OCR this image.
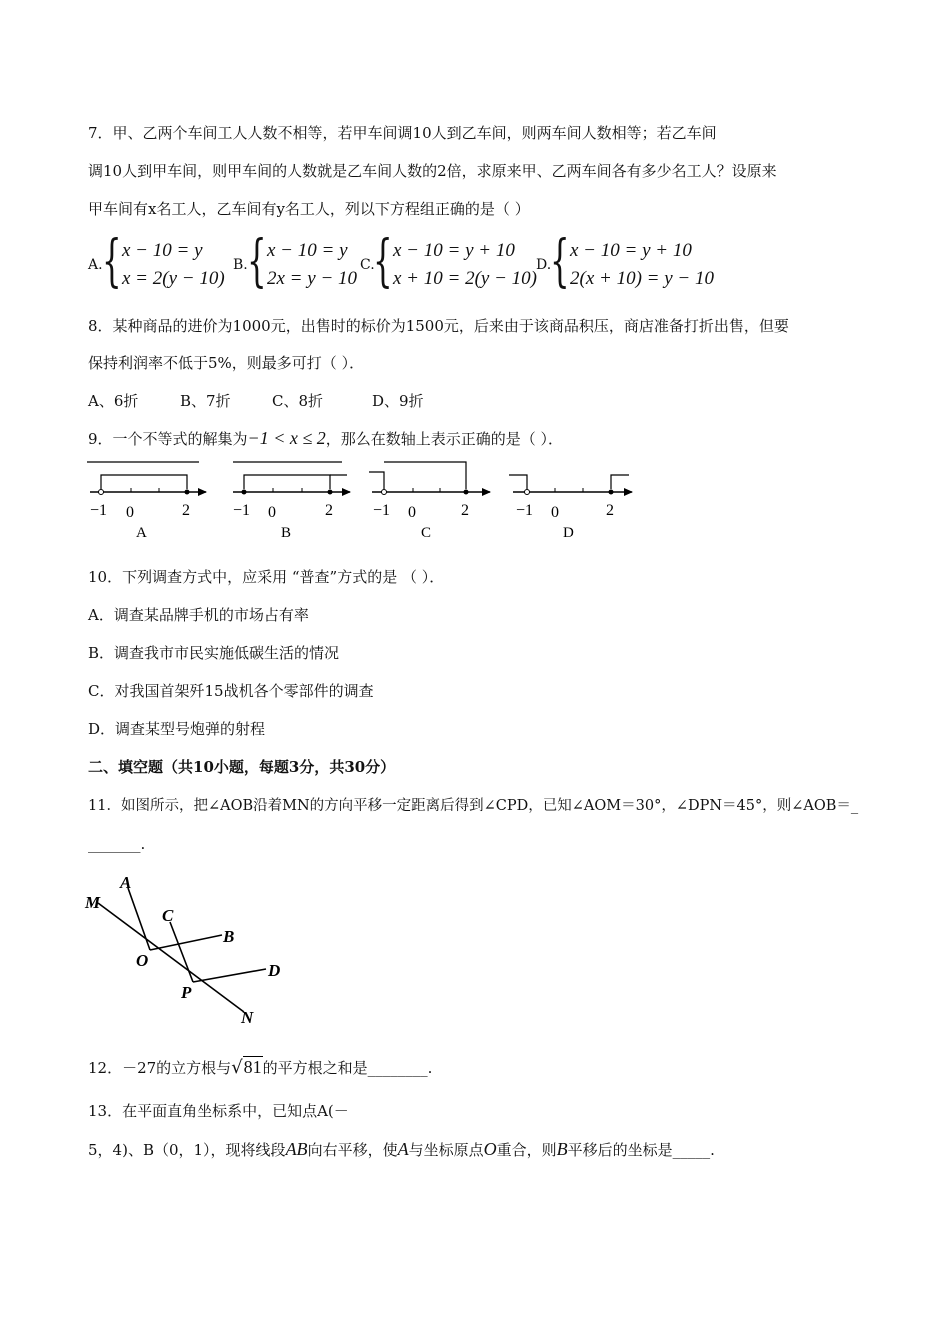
7．甲、乙两个车间工人人数不相等，若甲车间调10人到乙车间，则两车间人数相等；若乙车间
调10人到甲车间，则甲车间的人数就是乙车间人数的2倍，求原来甲、乙两车间各有多少名工人？设原来
甲车间有x名工人，乙车间有y名工人，列以下方程组正确的是（ ）
A. { x − 10 = y
x = 2(y − 10)
B. { x − 10 = y
2x = y − 10
C.
{ x − 10 = y + 10
x + 10 = 2(y − 10)
D.
{ x − 10 = y + 10
2(x + 10) = y − 10
8．某种商品的进价为1000元，出售时的标价为1500元，后来由于该商品积压，商店准备打折出售，但要
保持利润率不低于5%，则最多可打（ ）．
A、6折	B、7折	C、8折	D、9折
9．一个不等式的解集为−1 < x ≤ 2，那么在数轴上表示正确的是（ ）．
−1 0	2	−1 0	2	−1 0	2	−1 0	2
A	B	C	D
10．下列调查方式中，应采用 “普查”方式的是 （ ）．
A．调查某品牌手机的市场占有率
B．调查我市市民实施低碳生活的情况
C．对我国首架歼15战机各个零部件的调查
D．调查某型号炮弹的射程
二、填空题（共10小题，每题3分，共30分）
11．如图所示，把∠AOB沿着MN的方向平移一定距离后得到∠CPD，已知∠AOM＝30°，∠DPN＝45°，则∠AOB＝_
_______.
A
M
C
B
O
D
P
N
12．－27的立方根与√81的平方根之和是________.
13．在平面直角坐标系中，已知点A(－
5，4)、B（0，1），现将线段AB向右平移，使A与坐标原点O重合，则B平移后的坐标是_____.
